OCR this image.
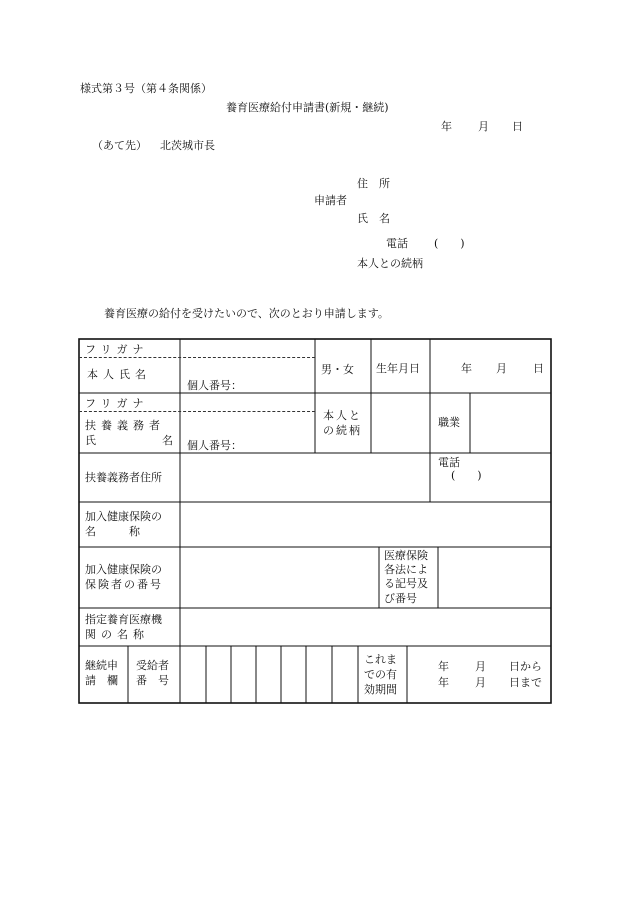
様式第３号（第４条関係）
養育医療給付申請書(新規・継続)
年 月 日
（あて先） 北茨城市長
住　所
申請者
氏　名
電話 (　　)
本人との続柄
養育医療の給付を受けたいので、次のとおり申請します。
フリガナ
本人氏名
個人番号：
男・女 生年月日	年 月 日
フリガナ
扶養義務者
氏名 個人番号：
本人と
の続柄
職業
扶養義務者住所
電話
(　　)
加入健康保険の
名　　　称
加入健康保険の
保険者の番号
医療保険
各法によ
る記号及
び番号
指定養育医療機
関の名称
継続申
請　欄
受給者
番　号
これま
での有
効期間
年 月 日から
年 月 日まで
